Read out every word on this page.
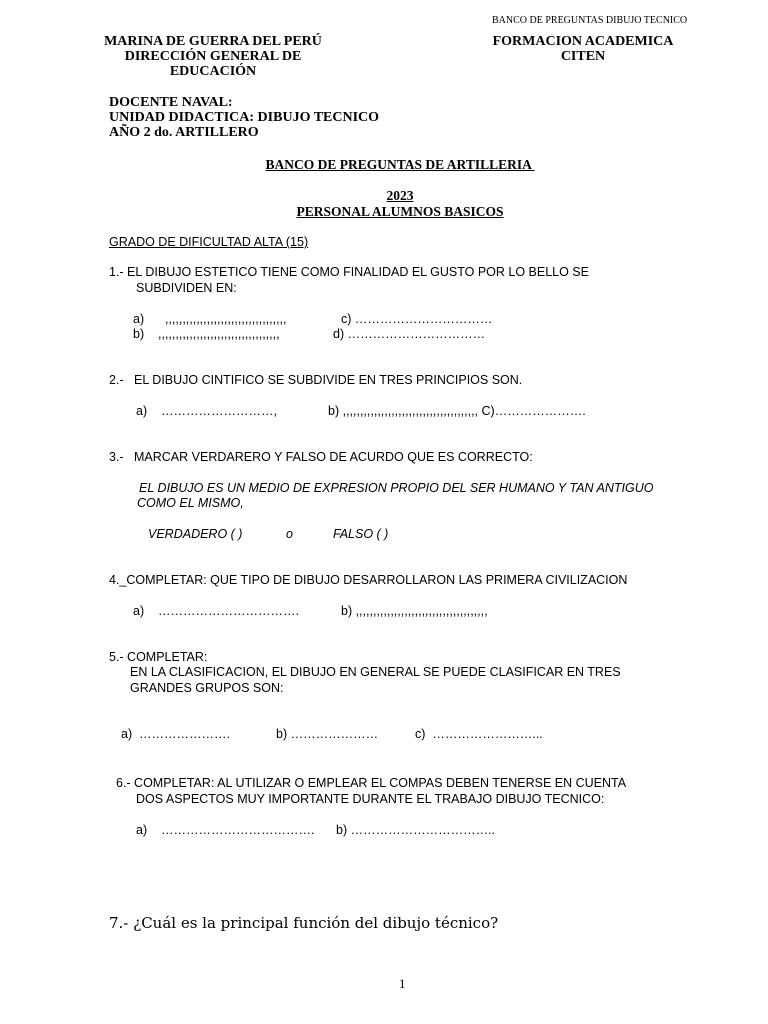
BANCO DE PREGUNTAS DIBUJO TECNICO
MARINA DE GUERRA DEL PERÚ
DIRECCIÓN GENERAL DE
EDUCACIÓN
FORMACION ACADEMICA
CITEN
DOCENTE NAVAL:
UNIDAD DIDACTICA: DIBUJO TECNICO
AÑO 2 do. ARTILLERO
BANCO DE PREGUNTAS DE ARTILLERIA
2023
PERSONAL ALUMNOS BASICOS
GRADO DE DIFICULTAD ALTA (15)
1.- EL DIBUJO ESTETICO TIENE COMO FINALIDAD EL GUSTO POR LO BELLO SE
SUBDIVIDEN EN:
a)      ,,,,,,,,,,,,,,,,,,,,,,,,,,,,,,,,,,,	c) ……………………………
b)    ,,,,,,,,,,,,,,,,,,,,,,,,,,,,,,,,,,,	d) ……………………………
2.-   EL DIBUJO CINTIFICO SE SUBDIVIDE EN TRES PRINCIPIOS SON.
a)    ………………………,	b) ,,,,,,,,,,,,,,,,,,,,,,,,,,,,,,,,,,,,,,, C)………………….
3.-   MARCAR VERDARERO Y FALSO DE ACURDO QUE ES CORRECTO:
EL DIBUJO ES UN MEDIO DE EXPRESION PROPIO DEL SER HUMANO Y TAN ANTIGUO
COMO EL MISMO,
VERDADERO ( )	o	FALSO ( )
4._COMPLETAR: QUE TIPO DE DIBUJO DESARROLLARON LAS PRIMERA CIVILIZACION
a)    …………………………….	b) ,,,,,,,,,,,,,,,,,,,,,,,,,,,,,,,,,,,,,,
5.- COMPLETAR:
EN LA CLASIFICACION, EL DIBUJO EN GENERAL SE PUEDE CLASIFICAR EN TRES
GRANDES GRUPOS SON:
a)  ………………….	b) …………………	c)  ……………………...
6.- COMPLETAR: AL UTILIZAR O EMPLEAR EL COMPAS DEBEN TENERSE EN CUENTA
DOS ASPECTOS MUY IMPORTANTE DURANTE EL TRABAJO DIBUJO TECNICO:
a)    ………………………………. b) ……………………………..
7.- ¿Cuál es la principal función del dibujo técnico?
1
